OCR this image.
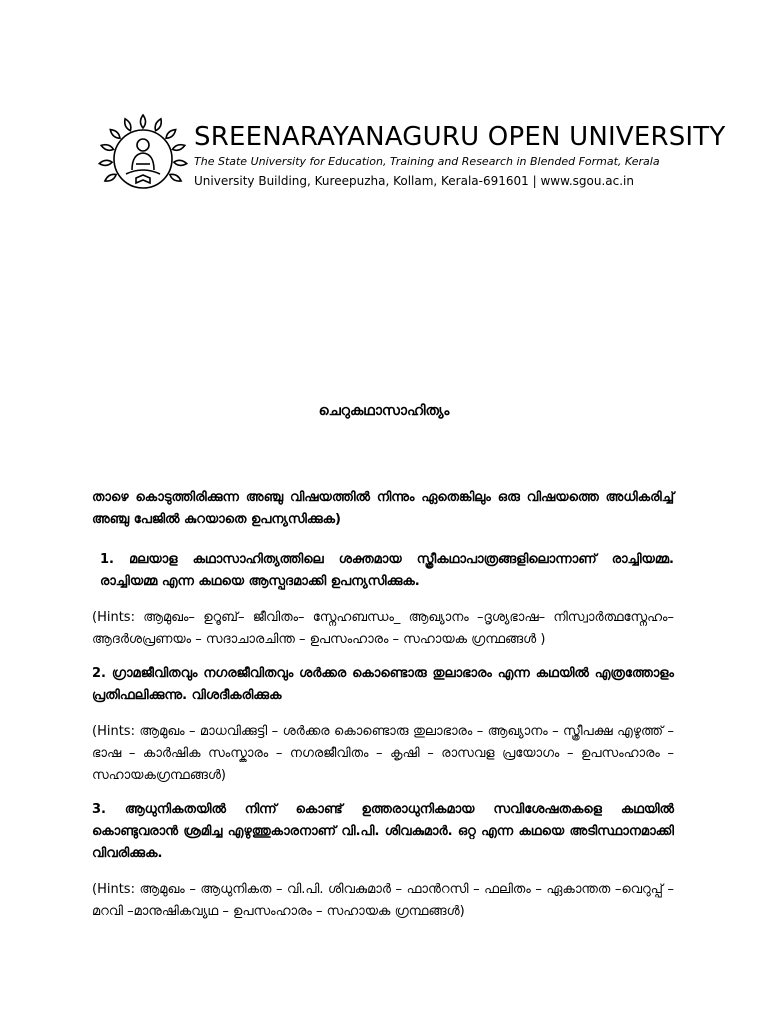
SREENARAYANAGURU OPEN UNIVERSITY
The State University for Education, Training and Research in Blended Format, Kerala
University Building, Kureepuzha, Kollam, Kerala-691601 | www.sgou.ac.in
ചെറുകഥാസാഹിത്യം

താഴെ കൊടുത്തിരിക്കുന്ന അഞ്ചു വിഷയത്തിൽ നിന്നും ഏതെങ്കിലും ഒരു വിഷയത്തെ അധികരിച്ച് അഞ്ചു പേജിൽ കുറയാതെ ഉപന്യസിക്കുക)

1. മലയാള കഥാസാഹിത്യത്തിലെ ശക്തമായ സ്ത്രീകഥാപാത്രങ്ങളിലൊന്നാണ് രാച്ചിയമ്മ. രാച്ചിയമ്മ എന്ന കഥയെ ആസ്പദമാക്കി ഉപന്യസിക്കുക.

(Hints: ആമുഖം– ഉറൂബ്– ജീവിതം– സ്നേഹബന്ധം_ ആഖ്യാനം –ദൃശ്യഭാഷ– നിസ്വാർത്ഥസ്നേഹം– ആദർശപ്രണയം – സദാചാരചിന്ത – ഉപസംഹാരം – സഹായക ഗ്രന്ഥങ്ങൾ )

2. ഗ്രാമജീവിതവും നഗരജീവിതവും ശർക്കര കൊണ്ടൊരു തുലാഭാരം എന്ന കഥയിൽ എത്രത്തോളം പ്രതിഫലിക്കുന്നു. വിശദീകരിക്കുക

(Hints: ആമുഖം – മാധവിക്കുട്ടി – ശർക്കര കൊണ്ടൊരു തുലാഭാരം – ആഖ്യാനം – സ്ത്രീപക്ഷ എഴുത്ത് – ഭാഷ – കാർഷിക സംസ്കാരം – നഗരജീവിതം – കൃഷി – രാസവള പ്രയോഗം – ഉപസംഹാരം – സഹായകഗ്രന്ഥങ്ങൾ)

3. ആധുനികതയിൽ നിന്ന് കൊണ്ട് ഉത്തരാധുനികമായ സവിശേഷതകളെ കഥയിൽ കൊണ്ടുവരാൻ ശ്രമിച്ച എഴുത്തുകാരനാണ് വി.പി. ശിവകുമാർ. ഒറ്റ എന്ന കഥയെ അടിസ്ഥാനമാക്കി വിവരിക്കുക.

(Hints: ആമുഖം – ആധുനികത – വി.പി. ശിവകുമാർ – ഫാൻറസി – ഫലിതം – ഏകാന്തത –വെറുപ്പ് – മറവി –മാനുഷികവ്യഥ – ഉപസംഹാരം – സഹായക ഗ്രന്ഥങ്ങൾ)
